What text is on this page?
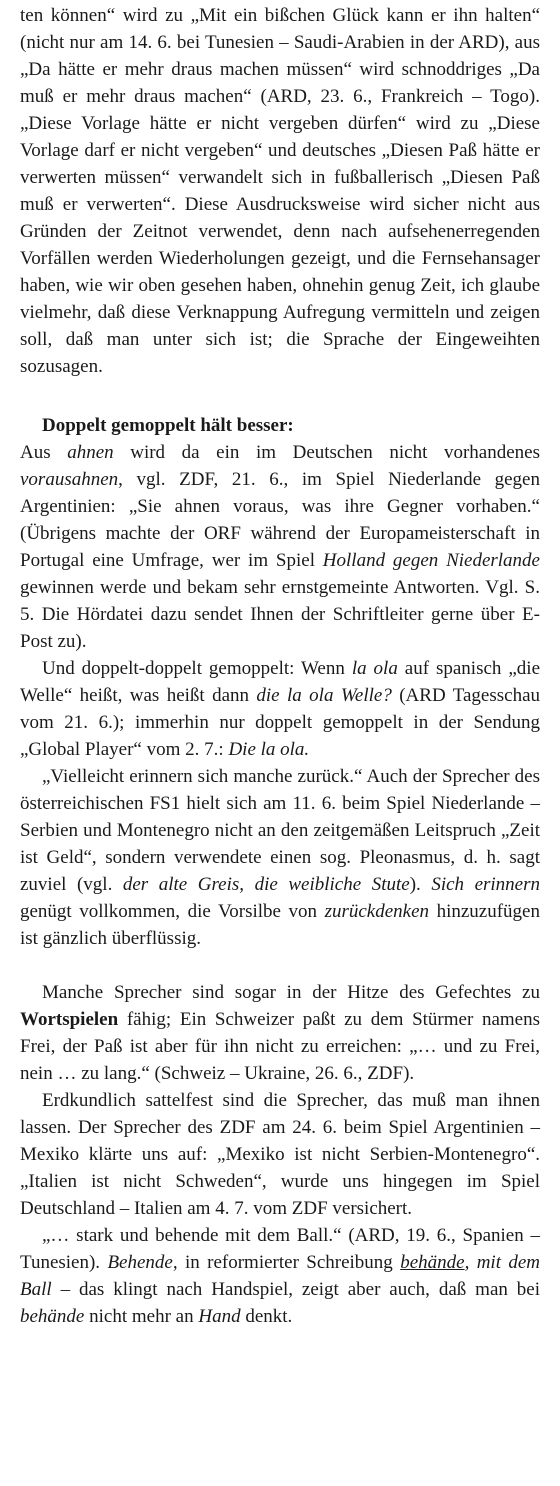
ten können“ wird zu „Mit ein bißchen Glück kann er ihn halten“ (nicht nur am 14. 6. bei Tunesien – Saudi-Arabien in der ARD), aus „Da hätte er mehr draus machen müssen“ wird schnoddriges „Da muß er mehr draus machen“ (ARD, 23. 6., Frankreich – Togo). „Diese Vorlage hätte er nicht vergeben dürfen“ wird zu „Diese Vorlage darf er nicht vergeben“ und deutsches „Diesen Paß hätte er verwerten müssen“ verwandelt sich in fußballerisch „Diesen Paß muß er verwerten“. Diese Ausdrucksweise wird sicher nicht aus Gründen der Zeitnot verwendet, denn nach aufsehenerregenden Vorfällen werden Wiederholungen gezeigt, und die Fernsehansager haben, wie wir oben gesehen haben, ohnehin genug Zeit, ich glaube vielmehr, daß diese Verknappung Aufregung vermitteln und zeigen soll, daß man unter sich ist; die Sprache der Eingeweihten sozusagen.

Doppelt gemoppelt hält besser:

Aus ahnen wird da ein im Deutschen nicht vorhandenes vorausahnen, vgl. ZDF, 21. 6., im Spiel Niederlande gegen Argentinien: „Sie ahnen voraus, was ihre Gegner vorhaben.“ (Übrigens machte der ORF während der Europameisterschaft in Portugal eine Umfrage, wer im Spiel Holland gegen Niederlande gewinnen werde und bekam sehr ernstgemeinte Antworten. Vgl. S. 5. Die Hördatei dazu sendet Ihnen der Schriftleiter gerne über E-Post zu).

Und doppelt-doppelt gemoppelt: Wenn la ola auf spanisch „die Welle“ heißt, was heißt dann die la ola Welle? (ARD Tagesschau vom 21. 6.); immerhin nur doppelt gemoppelt in der Sendung „Global Player“ vom 2. 7.: Die la ola.

„Vielleicht erinnern sich manche zurück.“ Auch der Sprecher des österreichischen FS1 hielt sich am 11. 6. beim Spiel Niederlande – Serbien und Montenegro nicht an den zeitgemäßen Leitspruch „Zeit ist Geld“, sondern verwendete einen sog. Pleonasmus, d. h. sagt zuviel (vgl. der alte Greis, die weibliche Stute). Sich erinnern genügt vollkommen, die Vorsilbe von zurückdenken hinzuzufügen ist gänzlich überflüssig.

Manche Sprecher sind sogar in der Hitze des Gefechtes zu Wortspielen fähig; Ein Schweizer paßt zu dem Stürmer namens Frei, der Paß ist aber für ihn nicht zu erreichen: „… und zu Frei, nein … zu lang.“ (Schweiz – Ukraine, 26. 6., ZDF).

Erdkundlich sattelfest sind die Sprecher, das muß man ihnen lassen. Der Sprecher des ZDF am 24. 6. beim Spiel Argentinien – Mexiko klärte uns auf: „Mexiko ist nicht Serbien-Montenegro“. „Italien ist nicht Schweden“, wurde uns hingegen im Spiel Deutschland – Italien am 4. 7. vom ZDF versichert.

„… stark und behende mit dem Ball.“ (ARD, 19. 6., Spanien – Tunesien). Behende, in reformierter Schreibung behände, mit dem Ball – das klingt nach Handspiel, zeigt aber auch, daß man bei behände nicht mehr an Hand denkt.
